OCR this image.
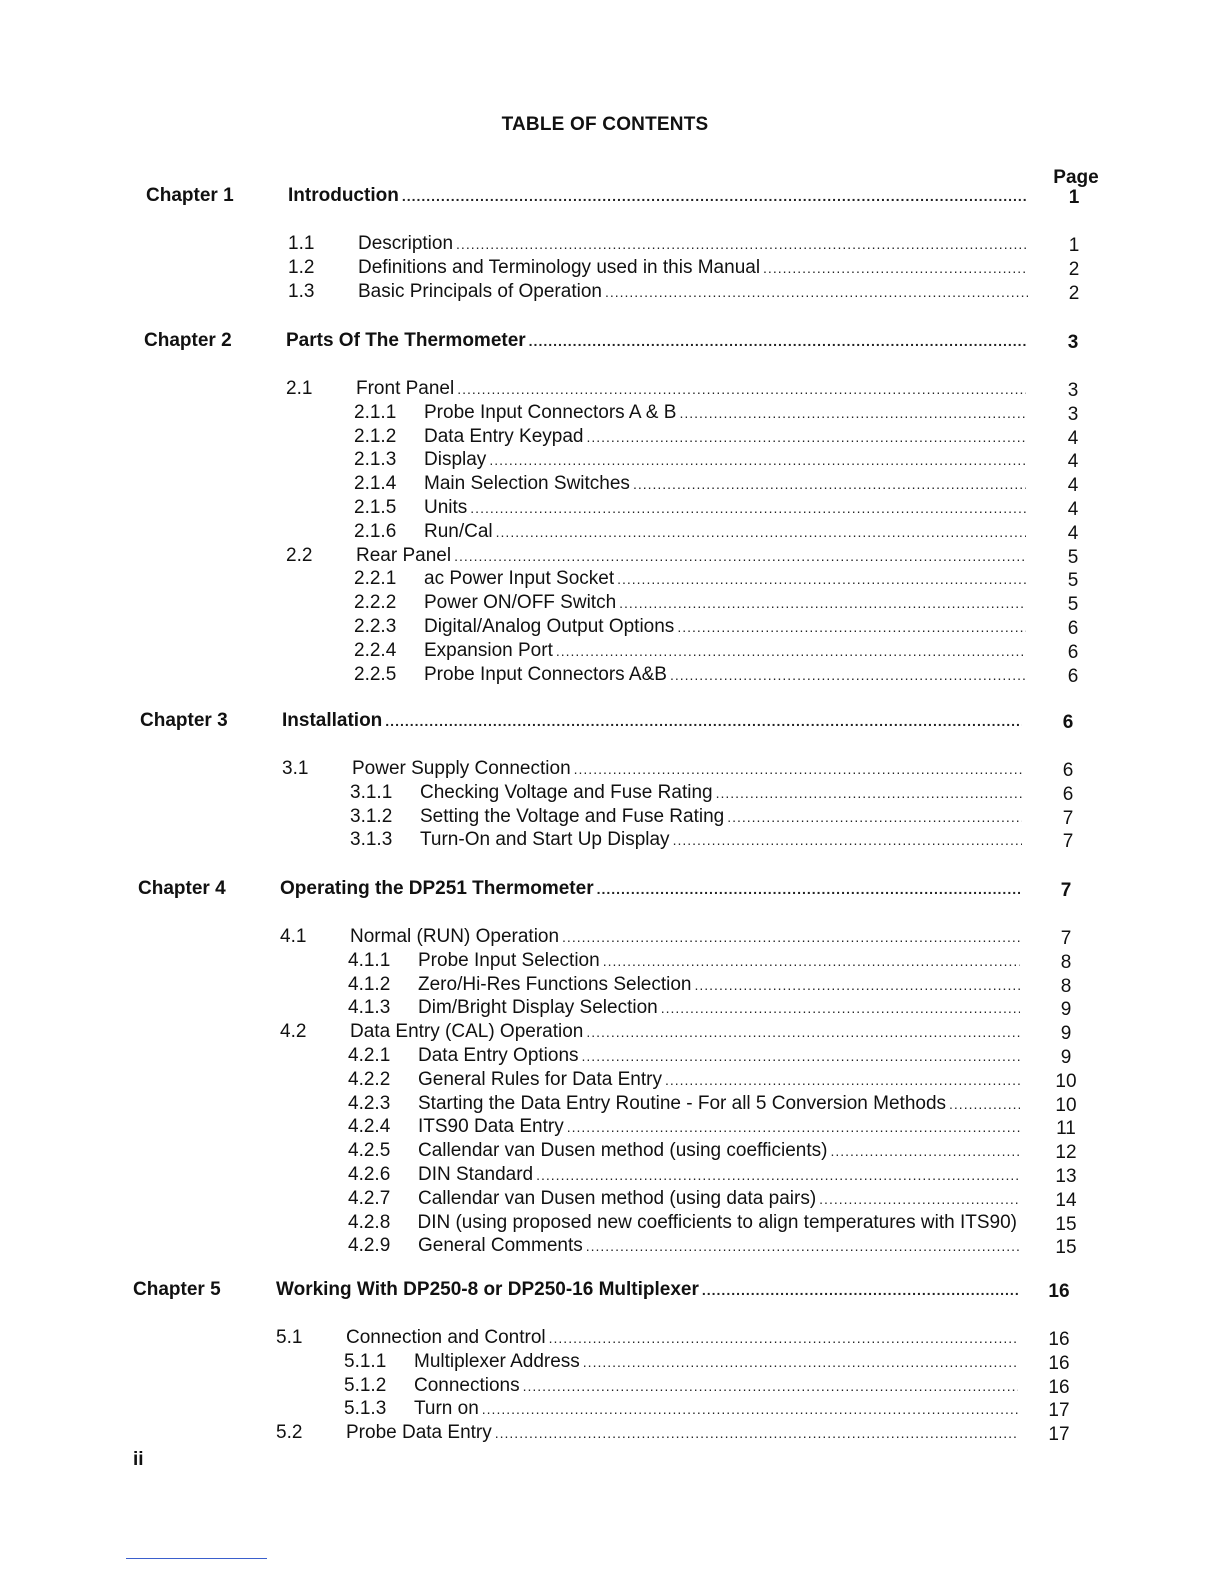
TABLE OF CONTENTS
Page
Chapter 1	Introduction .....	1
1.1	Description .....	1
1.2	Definitions and Terminology used in this Manual .....	2
1.3	Basic Principals of Operation .....	2
Chapter 2	Parts Of The Thermometer .....	3
2.1	Front Panel .....	3
2.1.1	Probe Input Connectors A & B .....	3
2.1.2	Data Entry Keypad .....	4
2.1.3	Display .....	4
2.1.4	Main Selection Switches .....	4
2.1.5	Units .....	4
2.1.6	Run/Cal .....	4
2.2	Rear Panel .....	5
2.2.1	ac Power Input Socket .....	5
2.2.2	Power ON/OFF Switch .....	5
2.2.3	Digital/Analog Output Options .....	6
2.2.4	Expansion Port .....	6
2.2.5	Probe Input Connectors A&B .....	6
Chapter 3	Installation .....	6
3.1	Power Supply Connection .....	6
3.1.1	Checking Voltage and Fuse Rating .....	6
3.1.2	Setting the Voltage and Fuse Rating .....	7
3.1.3	Turn-On and Start Up Display .....	7
Chapter 4	Operating the DP251 Thermometer .....	7
4.1	Normal (RUN) Operation .....	7
4.1.1	Probe Input Selection .....	8
4.1.2	Zero/Hi-Res Functions Selection .....	8
4.1.3	Dim/Bright Display Selection .....	9
4.2	Data Entry (CAL) Operation .....	9
4.2.1	Data Entry Options .....	9
4.2.2	General Rules for Data Entry .....	10
4.2.3	Starting the Data Entry Routine - For all 5 Conversion Methods .....	10
4.2.4	ITS90 Data Entry .....	11
4.2.5	Callendar van Dusen method (using coefficients) .....	12
4.2.6	DIN Standard .....	13
4.2.7	Callendar van Dusen method (using data pairs) .....	14
4.2.8	DIN (using proposed new coefficients to align temperatures with ITS90)	15
4.2.9	General Comments .....	15
Chapter 5	Working With DP250-8 or DP250-16 Multiplexer .....	16
5.1	Connection and Control .....	16
5.1.1	Multiplexer Address .....	16
5.1.2	Connections .....	16
5.1.3	Turn on .....	17
5.2	Probe Data Entry .....	17
ii
